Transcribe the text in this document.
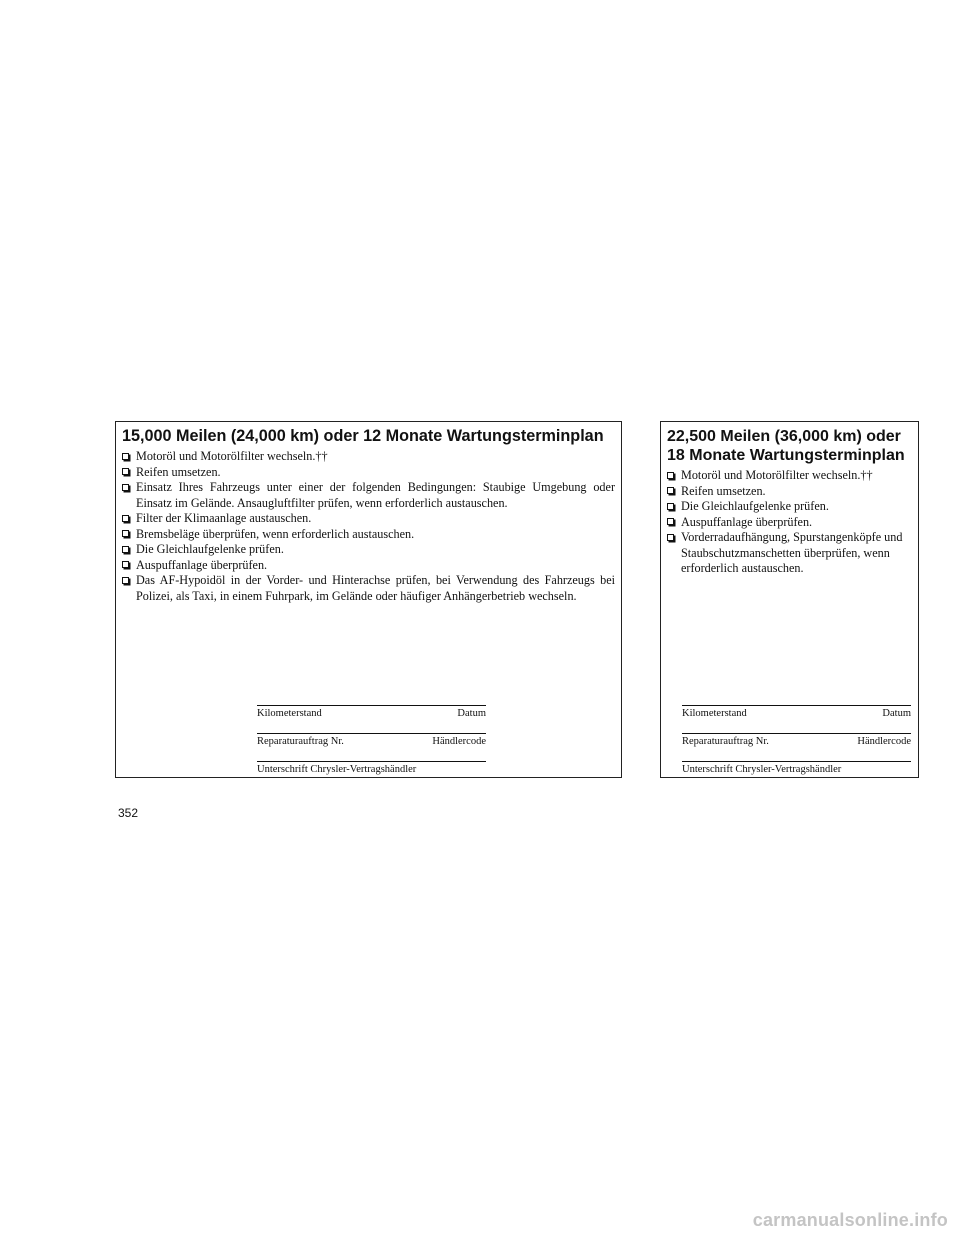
15,000 Meilen (24,000 km) oder 12 Monate Wartungsterminplan
Motoröl und Motorölfilter wechseln.††
Reifen umsetzen.
Einsatz Ihres Fahrzeugs unter einer der folgenden Bedingungen: Staubige Umgebung oder Einsatz im Gelände. Ansaugluftfilter prüfen, wenn erforderlich austauschen.
Filter der Klimaanlage austauschen.
Bremsbeläge überprüfen, wenn erforderlich austauschen.
Die Gleichlaufgelenke prüfen.
Auspuffanlage überprüfen.
Das AF-Hypoidöl in der Vorder- und Hinterachse prüfen, bei Verwendung des Fahrzeugs bei Polizei, als Taxi, in einem Fuhrpark, im Gelände oder häufiger Anhängerbetrieb wechseln.
Kilometerstand	Datum
Reparaturauftrag Nr.	Händlercode
Unterschrift Chrysler-Vertragshändler
22,500 Meilen (36,000 km) oder
18 Monate Wartungsterminplan
Motoröl und Motorölfilter wechseln.††
Reifen umsetzen.
Die Gleichlaufgelenke prüfen.
Auspuffanlage überprüfen.
Vorderradaufhängung, Spurstangenköpfe und Staubschutzmanschetten überprüfen, wenn erforderlich austauschen.
Kilometerstand	Datum
Reparaturauftrag Nr.	Händlercode
Unterschrift Chrysler-Vertragshändler
352
carmanualsonline.info
